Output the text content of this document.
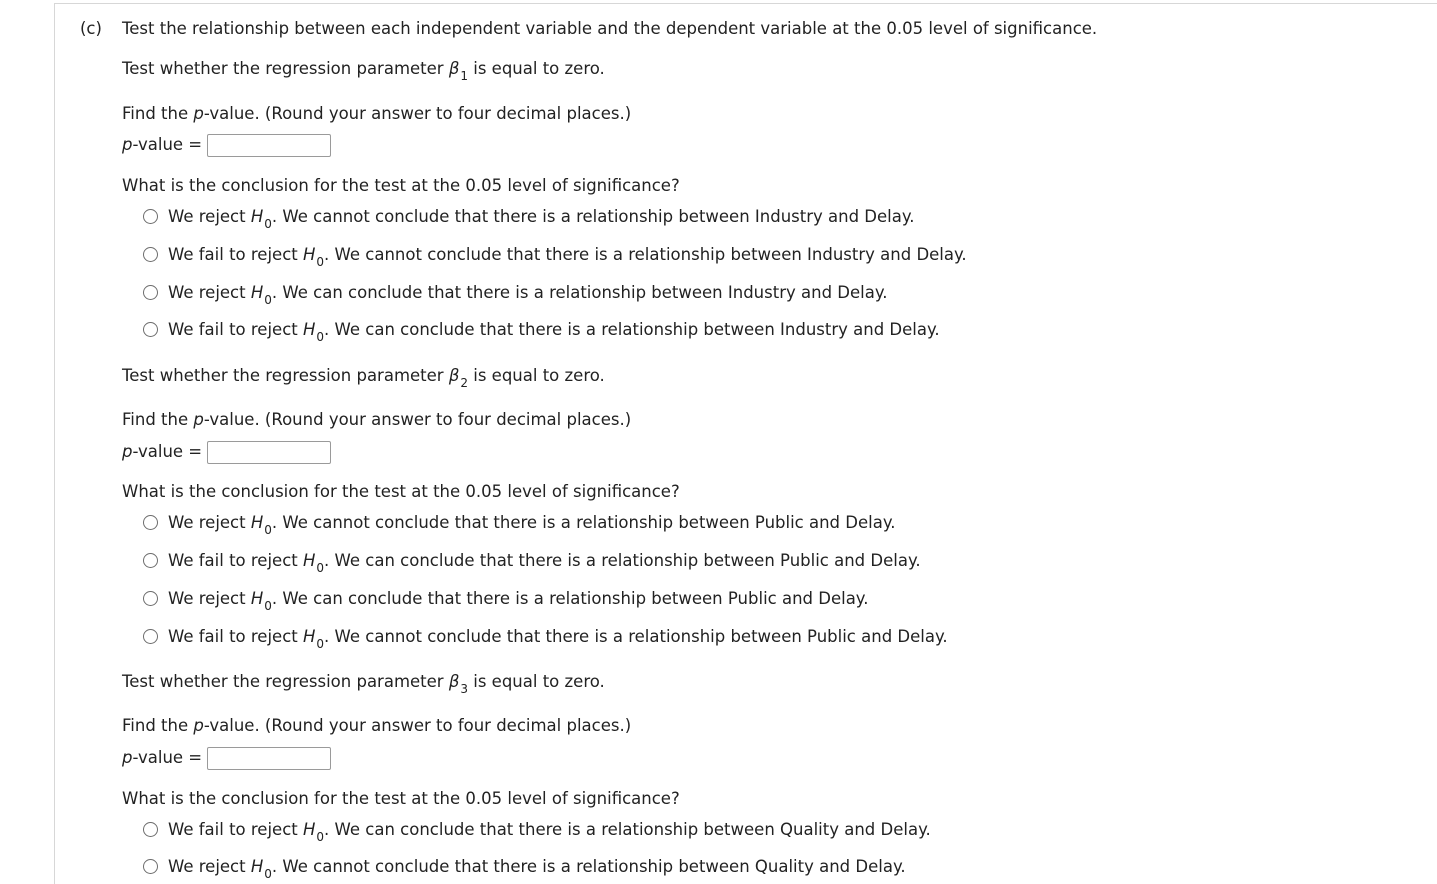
(c) Test the relationship between each independent variable and the dependent variable at the 0.05 level of significance.
Test whether the regression parameter $\beta_1$ is equal to zero.
Find the p-value. (Round your answer to four decimal places.)
p-value =
What is the conclusion for the test at the 0.05 level of significance?
We reject $H_0$. We cannot conclude that there is a relationship between Industry and Delay.
We fail to reject $H_0$. We cannot conclude that there is a relationship between Industry and Delay.
We reject $H_0$. We can conclude that there is a relationship between Industry and Delay.
We fail to reject $H_0$. We can conclude that there is a relationship between Industry and Delay.
Test whether the regression parameter $\beta_2$ is equal to zero.
Find the p-value. (Round your answer to four decimal places.)
p-value =
What is the conclusion for the test at the 0.05 level of significance?
We reject $H_0$. We cannot conclude that there is a relationship between Public and Delay.
We fail to reject $H_0$. We can conclude that there is a relationship between Public and Delay.
We reject $H_0$. We can conclude that there is a relationship between Public and Delay.
We fail to reject $H_0$. We cannot conclude that there is a relationship between Public and Delay.
Test whether the regression parameter $\beta_3$ is equal to zero.
Find the p-value. (Round your answer to four decimal places.)
p-value =
What is the conclusion for the test at the 0.05 level of significance?
We fail to reject $H_0$. We can conclude that there is a relationship between Quality and Delay.
We reject $H_0$. We cannot conclude that there is a relationship between Quality and Delay.
